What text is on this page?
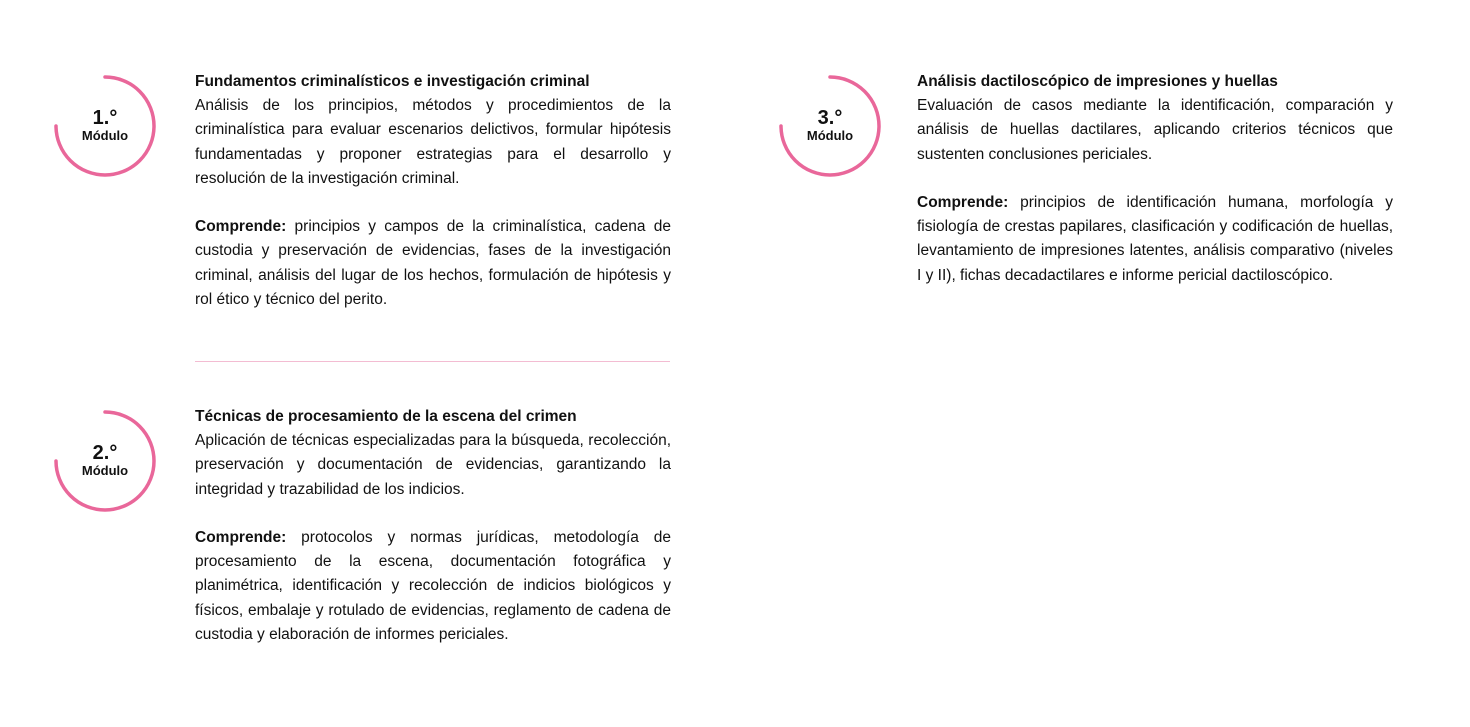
1.°
Módulo
Fundamentos criminalísticos e investigación criminal

Análisis de los principios, métodos y procedimientos de la criminalística para evaluar escenarios delictivos, formular hipótesis fundamentadas y proponer estrategias para el desarrollo y resolución de la investigación criminal.

Comprende: principios y campos de la criminalística, cadena de custodia y preservación de evidencias, fases de la investigación criminal, análisis del lugar de los hechos, formulación de hipótesis y rol ético y técnico del perito.

2.°
Módulo
Técnicas de procesamiento de la escena del crimen

Aplicación de técnicas especializadas para la búsqueda, recolección, preservación y documentación de evidencias, garantizando la integridad y trazabilidad de los indicios.

Comprende: protocolos y normas jurídicas, metodología de procesamiento de la escena, documentación fotográfica y planimétrica, identificación y recolección de indicios biológicos y físicos, embalaje y rotulado de evidencias, reglamento de cadena de custodia y elaboración de informes periciales.

3.°
Módulo
Análisis dactiloscópico de impresiones y huellas

Evaluación de casos mediante la identificación, comparación y análisis de huellas dactilares, aplicando criterios técnicos que sustenten conclusiones periciales.

Comprende: principios de identificación humana, morfología y fisiología de crestas papilares, clasificación y codificación de huellas, levantamiento de impresiones latentes, análisis comparativo (niveles I y II), fichas decadactilares e informe pericial dactiloscópico.
